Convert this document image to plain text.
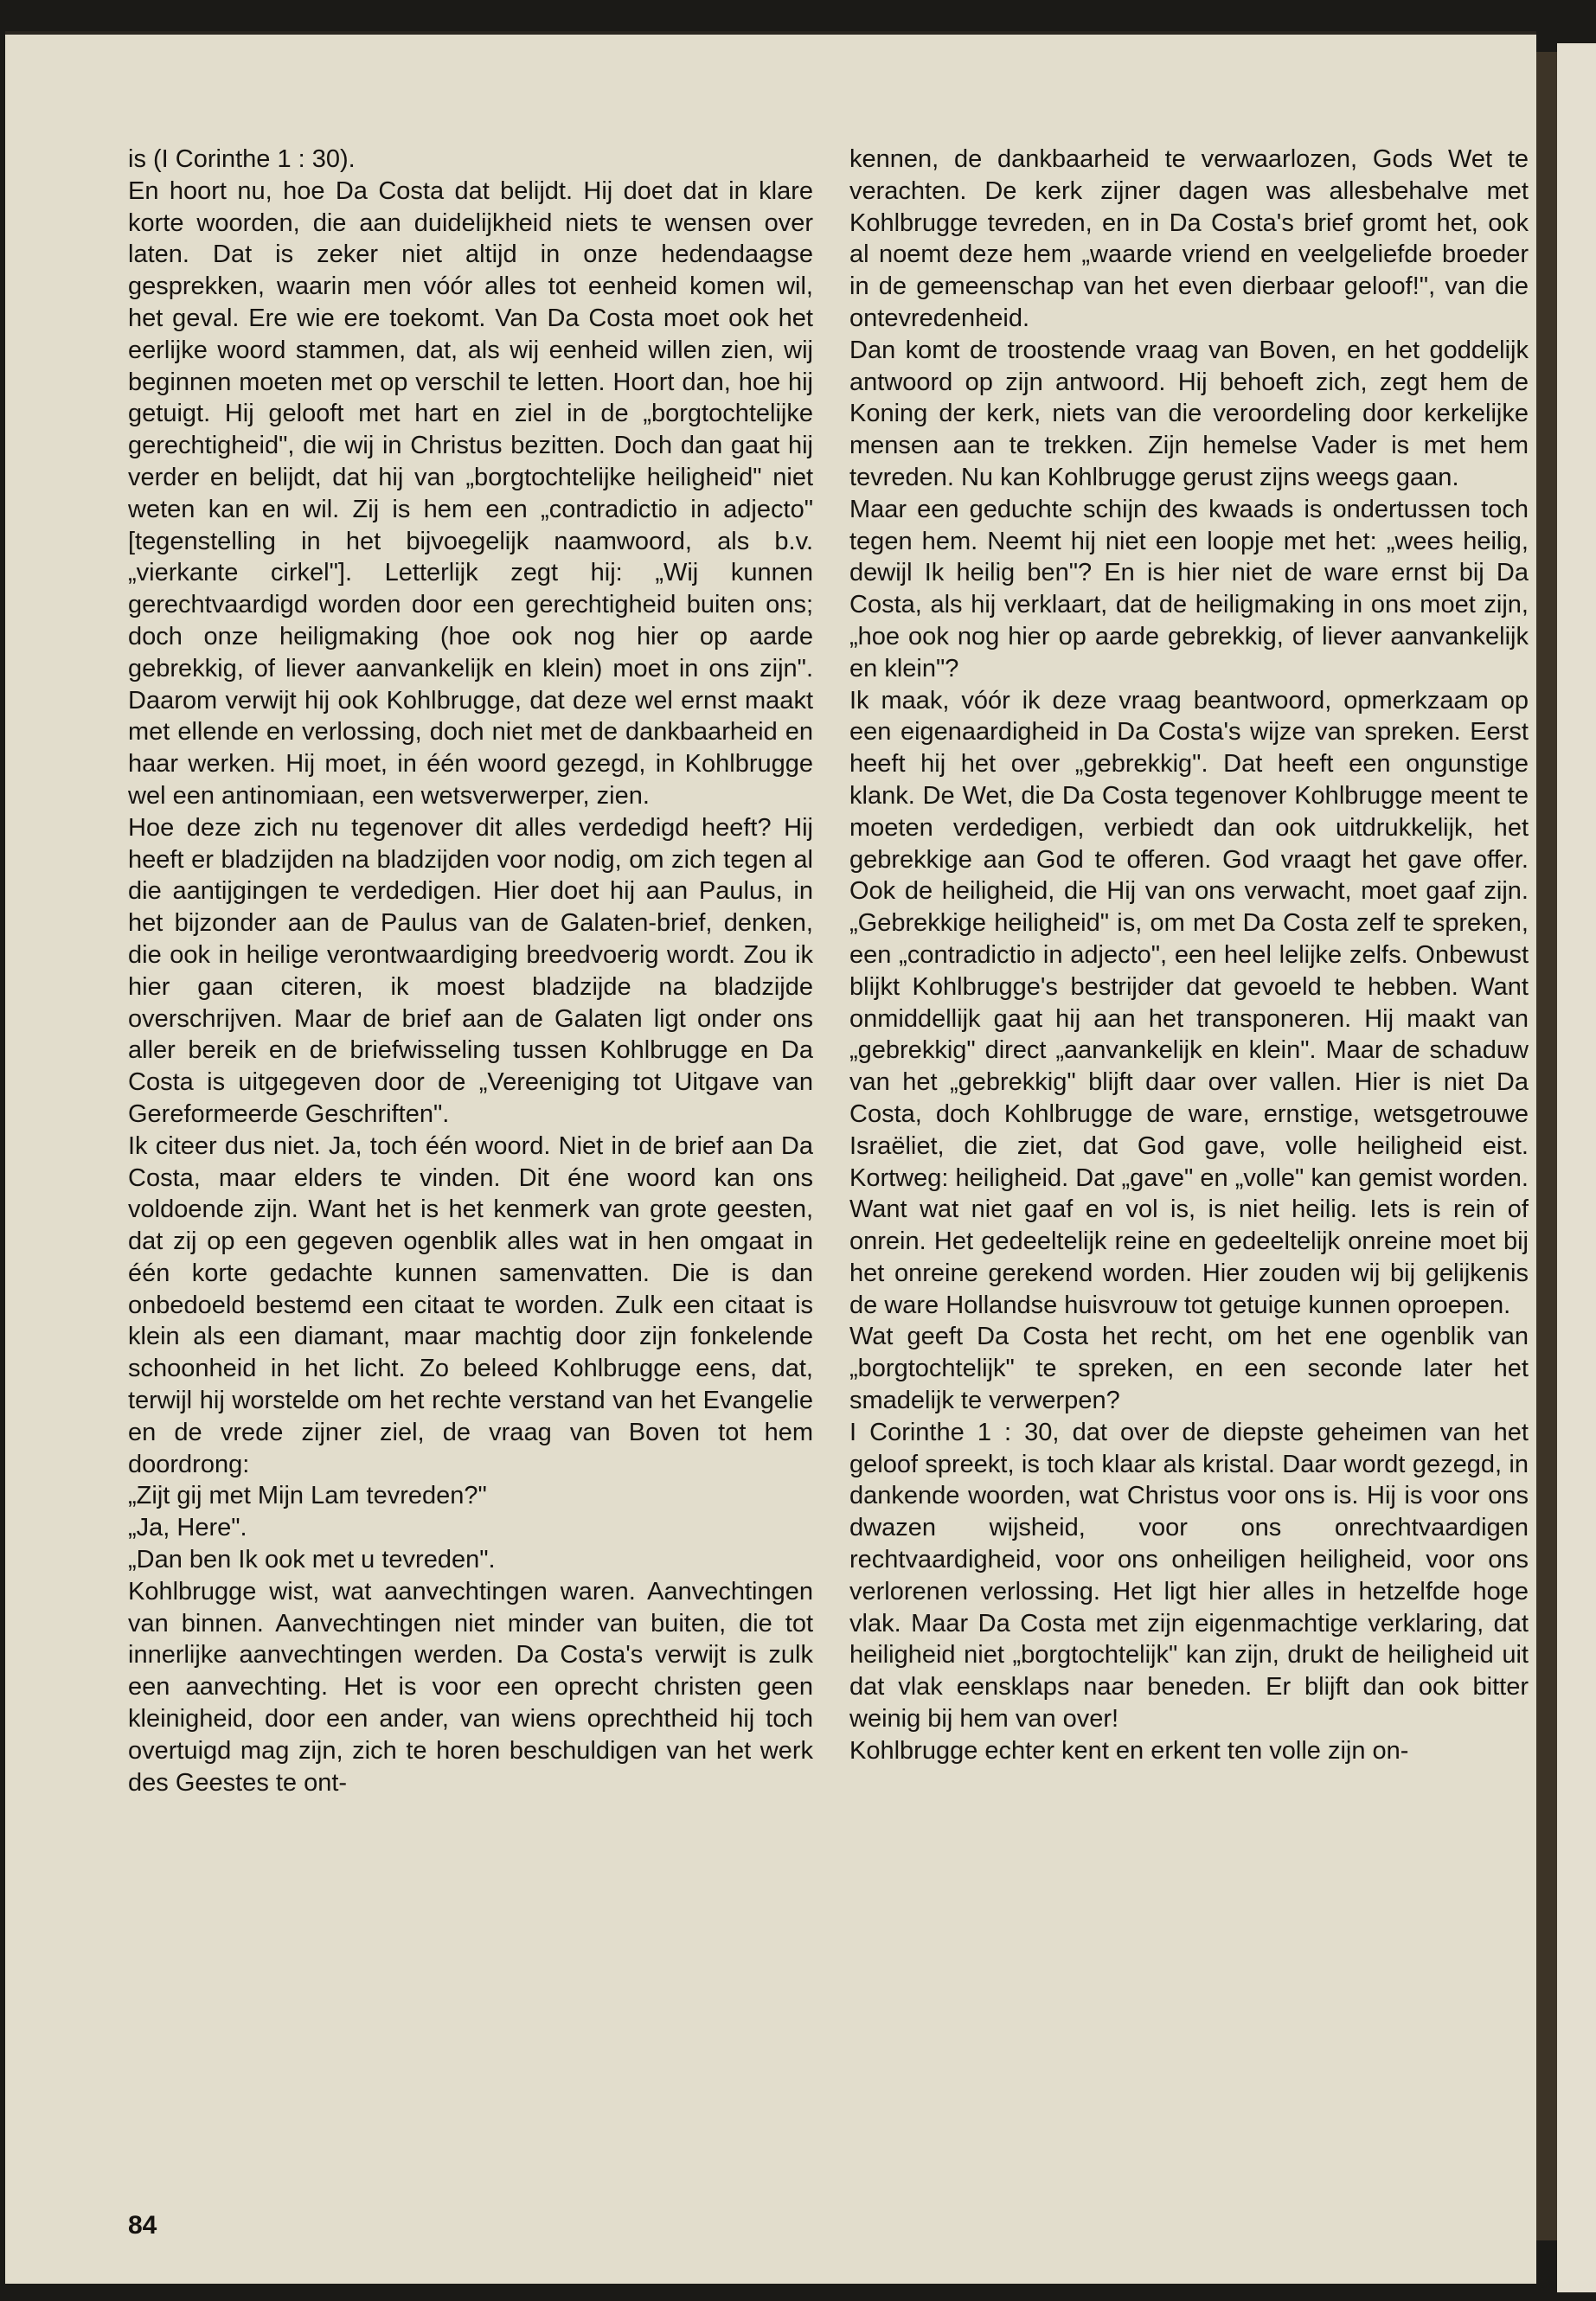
is (I Corinthe 1 : 30).

En hoort nu, hoe Da Costa dat belijdt. Hij doet dat in klare korte woorden, die aan duidelijkheid niets te wensen over laten. Dat is zeker niet altijd in onze hedendaagse gesprekken, waarin men vóór alles tot eenheid komen wil, het geval. Ere wie ere toekomt. Van Da Costa moet ook het eerlijke woord stammen, dat, als wij eenheid willen zien, wij beginnen moeten met op verschil te letten. Hoort dan, hoe hij getuigt. Hij gelooft met hart en ziel in de „borgtochtelijke gerechtigheid", die wij in Christus bezitten. Doch dan gaat hij verder en belijdt, dat hij van „borgtochtelijke heiligheid" niet weten kan en wil. Zij is hem een „contradictio in adjecto" [tegenstelling in het bijvoegelijk naamwoord, als b.v. „vierkante cirkel"]. Letterlijk zegt hij: „Wij kunnen gerechtvaardigd worden door een gerechtigheid buiten ons; doch onze heiligmaking (hoe ook nog hier op aarde gebrekkig, of liever aanvankelijk en klein) moet in ons zijn". Daarom verwijt hij ook Kohlbrugge, dat deze wel ernst maakt met ellende en verlossing, doch niet met de dankbaarheid en haar werken. Hij moet, in één woord gezegd, in Kohlbrugge wel een antinomiaan, een wetsverwerper, zien.

Hoe deze zich nu tegenover dit alles verdedigd heeft? Hij heeft er bladzijden na bladzijden voor nodig, om zich tegen al die aantijgingen te verdedigen. Hier doet hij aan Paulus, in het bijzonder aan de Paulus van de Galaten-brief, denken, die ook in heilige verontwaardiging breedvoerig wordt. Zou ik hier gaan citeren, ik moest bladzijde na bladzijde overschrijven. Maar de brief aan de Galaten ligt onder ons aller bereik en de briefwisseling tussen Kohlbrugge en Da Costa is uitgegeven door de „Vereeniging tot Uitgave van Gereformeerde Geschriften".

Ik citeer dus niet. Ja, toch één woord. Niet in de brief aan Da Costa, maar elders te vinden. Dit éne woord kan ons voldoende zijn. Want het is het kenmerk van grote geesten, dat zij op een gegeven ogenblik alles wat in hen omgaat in één korte gedachte kunnen samenvatten. Die is dan onbedoeld bestemd een citaat te worden. Zulk een citaat is klein als een diamant, maar machtig door zijn fonkelende schoonheid in het licht. Zo beleed Kohlbrugge eens, dat, terwijl hij worstelde om het rechte verstand van het Evangelie en de vrede zijner ziel, de vraag van Boven tot hem doordrong:

„Zijt gij met Mijn Lam tevreden?"

„Ja, Here".

„Dan ben Ik ook met u tevreden".

Kohlbrugge wist, wat aanvechtingen waren. Aanvechtingen van binnen. Aanvechtingen niet minder van buiten, die tot innerlijke aanvechtingen werden. Da Costa's verwijt is zulk een aanvechting. Het is voor een oprecht christen geen kleinigheid, door een ander, van wiens oprechtheid hij toch overtuigd mag zijn, zich te horen beschuldigen van het werk des Geestes te ont-

kennen, de dankbaarheid te verwaarlozen, Gods Wet te verachten. De kerk zijner dagen was allesbehalve met Kohlbrugge tevreden, en in Da Costa's brief gromt het, ook al noemt deze hem „waarde vriend en veelgeliefde broeder in de gemeenschap van het even dierbaar geloof!", van die ontevredenheid.

Dan komt de troostende vraag van Boven, en het goddelijk antwoord op zijn antwoord. Hij behoeft zich, zegt hem de Koning der kerk, niets van die veroordeling door kerkelijke mensen aan te trekken. Zijn hemelse Vader is met hem tevreden. Nu kan Kohlbrugge gerust zijns weegs gaan.

Maar een geduchte schijn des kwaads is ondertussen toch tegen hem. Neemt hij niet een loopje met het: „wees heilig, dewijl Ik heilig ben"? En is hier niet de ware ernst bij Da Costa, als hij verklaart, dat de heiligmaking in ons moet zijn, „hoe ook nog hier op aarde gebrekkig, of liever aanvankelijk en klein"?

Ik maak, vóór ik deze vraag beantwoord, opmerkzaam op een eigenaardigheid in Da Costa's wijze van spreken. Eerst heeft hij het over „gebrekkig". Dat heeft een ongunstige klank. De Wet, die Da Costa tegenover Kohlbrugge meent te moeten verdedigen, verbiedt dan ook uitdrukkelijk, het gebrekkige aan God te offeren. God vraagt het gave offer. Ook de heiligheid, die Hij van ons verwacht, moet gaaf zijn. „Gebrekkige heiligheid" is, om met Da Costa zelf te spreken, een „contradictio in adjecto", een heel lelijke zelfs. Onbewust blijkt Kohlbrugge's bestrijder dat gevoeld te hebben. Want onmiddellijk gaat hij aan het transponeren. Hij maakt van „gebrekkig" direct „aanvankelijk en klein". Maar de schaduw van het „gebrekkig" blijft daar over vallen. Hier is niet Da Costa, doch Kohlbrugge de ware, ernstige, wetsgetrouwe Israëliet, die ziet, dat God gave, volle heiligheid eist. Kortweg: heiligheid. Dat „gave" en „volle" kan gemist worden. Want wat niet gaaf en vol is, is niet heilig. Iets is rein of onrein. Het gedeeltelijk reine en gedeeltelijk onreine moet bij het onreine gerekend worden. Hier zouden wij bij gelijkenis de ware Hollandse huisvrouw tot getuige kunnen oproepen.

Wat geeft Da Costa het recht, om het ene ogenblik van „borgtochtelijk" te spreken, en een seconde later het smadelijk te verwerpen?

I Corinthe 1 : 30, dat over de diepste geheimen van het geloof spreekt, is toch klaar als kristal. Daar wordt gezegd, in dankende woorden, wat Christus voor ons is. Hij is voor ons dwazen wijsheid, voor ons onrechtvaardigen rechtvaardigheid, voor ons onheiligen heiligheid, voor ons verlorenen verlossing. Het ligt hier alles in hetzelfde hoge vlak. Maar Da Costa met zijn eigenmachtige verklaring, dat heiligheid niet „borgtochtelijk" kan zijn, drukt de heiligheid uit dat vlak eensklaps naar beneden. Er blijft dan ook bitter weinig bij hem van over!

Kohlbrugge echter kent en erkent ten volle zijn on-

84
